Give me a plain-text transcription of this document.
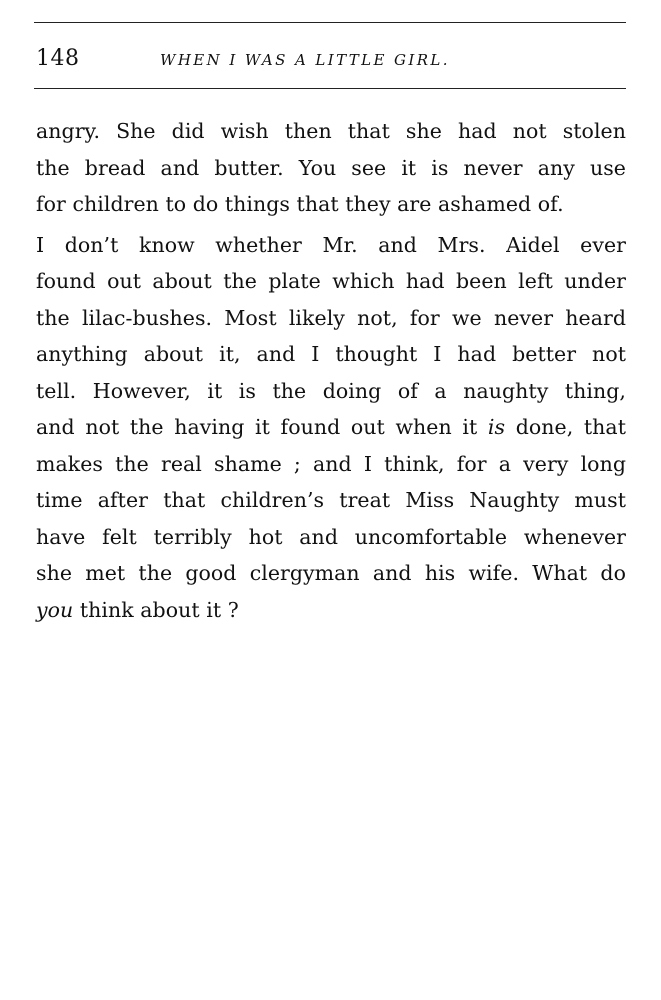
148	WHEN I WAS A LITTLE GIRL.
angry. She did wish then that she had not stolen
the bread and butter. You see it is never any use
for children to do things that they are ashamed of.
I don’t know whether Mr. and Mrs. Aidel ever
found out about the plate which had been left under
the lilac-bushes. Most likely not, for we never heard
anything about it, and I thought I had better not
tell. However, it is the doing of a naughty thing,
and not the having it found out when it is done, that
makes the real shame ; and I think, for a very long
time after that children’s treat Miss Naughty must
have felt terribly hot and uncomfortable whenever
she met the good clergyman and his wife. What do
you think about it ?
